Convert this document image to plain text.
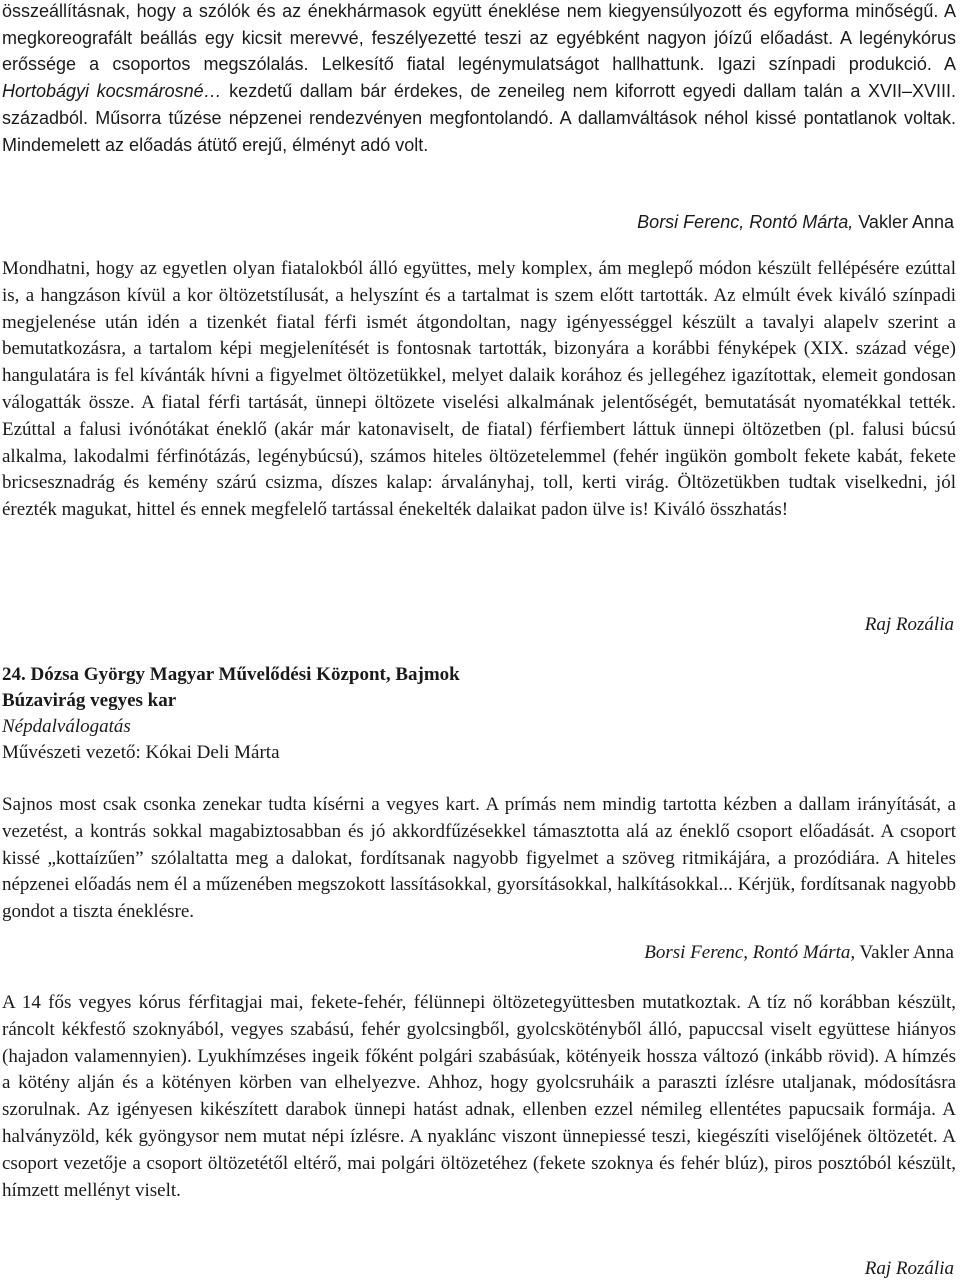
összeállításnak, hogy a szólók és az énekhármasok együtt éneklése nem kiegyensúlyozott és egyforma minőségű. A megkoreografált beállás egy kicsit merevvé, feszélyezetté teszi az egyébként nagyon jóízű előadást. A legénykórus erőssége a csoportos megszólalás. Lelkesítő fiatal legénymulatságot hallhattunk. Igazi színpadi produkció. A Hortobágyi kocsmárosné… kezdetű dallam bár érdekes, de zeneileg nem kiforrott egyedi dallam talán a XVII–XVIII. századból. Műsorra tűzése népzenei rendezvényen megfontolandó. A dallamváltások néhol kissé pontatlanok voltak. Mindemelett az előadás átütő erejű, élményt adó volt.

Borsi Ferenc, Rontó Márta, Vakler Anna

Mondhatni, hogy az egyetlen olyan fiatalokból álló együttes, mely komplex, ám meglepő módon készült fellépésére ezúttal is, a hangzáson kívül a kor öltözetstílusát, a helyszínt és a tartalmat is szem előtt tartották. Az elmúlt évek kiváló színpadi megjelenése után idén a tizenkét fiatal férfi ismét átgondoltan, nagy igényességgel készült a tavalyi alapelv szerint a bemutatkozásra, a tartalom képi megjelenítését is fontosnak tartották, bizonyára a korábbi fényképek (XIX. század vége) hangulatára is fel kívánták hívni a figyelmet öltözetükkel, melyet dalaik korához és jellegéhez igazítottak, elemeit gondosan válogatták össze. A fiatal férfi tartását, ünnepi öltözete viselési alkalmának jelentőségét, bemutatását nyomatékkal tették. Ezúttal a falusi ivónótákat éneklő (akár már katonaviselt, de fiatal) férfiembert láttuk ünnepi öltözetben (pl. falusi búcsú alkalma, lakodalmi férfinótázás, legénybúcsú), számos hiteles öltözetelemmel (fehér ingükön gombolt fekete kabát, fekete bricsesznadrág és kemény szárú csizma, díszes kalap: árvalányhaj, toll, kerti virág. Öltözetükben tudtak viselkedni, jól érezték magukat, hittel és ennek megfelelő tartással énekelték dalaikat padon ülve is! Kiváló összhatás!

Raj Rozália

24. Dózsa György Magyar Művelődési Központ, Bajmok

Búzavirág vegyes kar

Népdalválogatás

Művészeti vezető: Kókai Deli Márta

Sajnos most csak csonka zenekar tudta kísérni a vegyes kart. A prímás nem mindig tartotta kézben a dallam irányítását, a vezetést, a kontrás sokkal magabiztosabban és jó akkordfűzésekkel támasztotta alá az éneklő csoport előadását. A csoport kissé „kottaízűen” szólaltatta meg a dalokat, fordítsanak nagyobb figyelmet a szöveg ritmikájára, a prozódiára. A hiteles népzenei előadás nem él a műzenében megszokott lassításokkal, gyorsításokkal, halkításokkal... Kérjük, fordítsanak nagyobb gondot a tiszta éneklésre.

Borsi Ferenc, Rontó Márta, Vakler Anna

A 14 fős vegyes kórus férfitagjai mai, fekete-fehér, félünnepi öltözetegyüttesben mutatkoztak. A tíz nő korábban készült, ráncolt kékfestő szoknyából, vegyes szabású, fehér gyolcsingből, gyolcskötényből álló, papuccsal viselt együttese hiányos (hajadon valamennyien). Lyukhímzéses ingeik főként polgári szabásúak, kötényeik hossza változó (inkább rövid). A hímzés a kötény alján és a kötényen körben van elhelyezve. Ahhoz, hogy gyolcsruháik a paraszti ízlésre utaljanak, módosításra szorulnak. Az igényesen kikészített darabok ünnepi hatást adnak, ellenben ezzel némileg ellentétes papucsaik formája. A halványzöld, kék gyöngysor nem mutat népi ízlésre. A nyaklánc viszont ünnepiessé teszi, kiegészíti viselőjének öltözetét. A csoport vezetője a csoport öltözetétől eltérő, mai polgári öltözetéhez (fekete szoknya és fehér blúz), piros posztóból készült, hímzett mellényt viselt.

Raj Rozália
